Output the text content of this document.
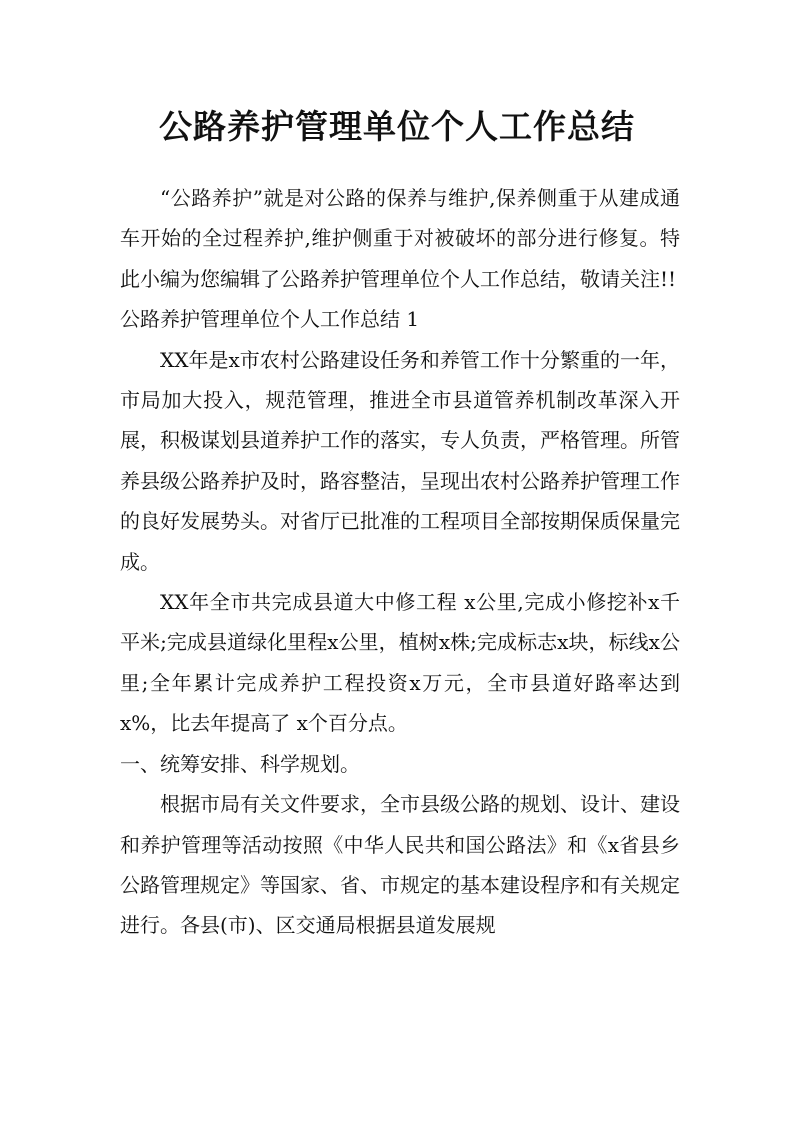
公路养护管理单位个人工作总结

“公路养护”就是对公路的保养与维护,保养侧重于从建成通车开始的全过程养护,维护侧重于对被破坏的部分进行修复。特此小编为您编辑了公路养护管理单位个人工作总结，敬请关注!!

公路养护管理单位个人工作总结 1

XX年是x市农村公路建设任务和养管工作十分繁重的一年，市局加大投入，规范管理，推进全市县道管养机制改革深入开展，积极谋划县道养护工作的落实，专人负责，严格管理。所管养县级公路养护及时，路容整洁，呈现出农村公路养护管理工作的良好发展势头。对省厅已批准的工程项目全部按期保质保量完成。

XX年全市共完成县道大中修工程 x公里,完成小修挖补x千平米;完成县道绿化里程x公里，植树x株;完成标志x块，标线x公里;全年累计完成养护工程投资x万元，全市县道好路率达到 x%，比去年提高了 x个百分点。

一、统筹安排、科学规划。

根据市局有关文件要求，全市县级公路的规划、设计、建设和养护管理等活动按照《中华人民共和国公路法》和《x省县乡公路管理规定》等国家、省、市规定的基本建设程序和有关规定进行。各县(市)、区交通局根据县道发展规
